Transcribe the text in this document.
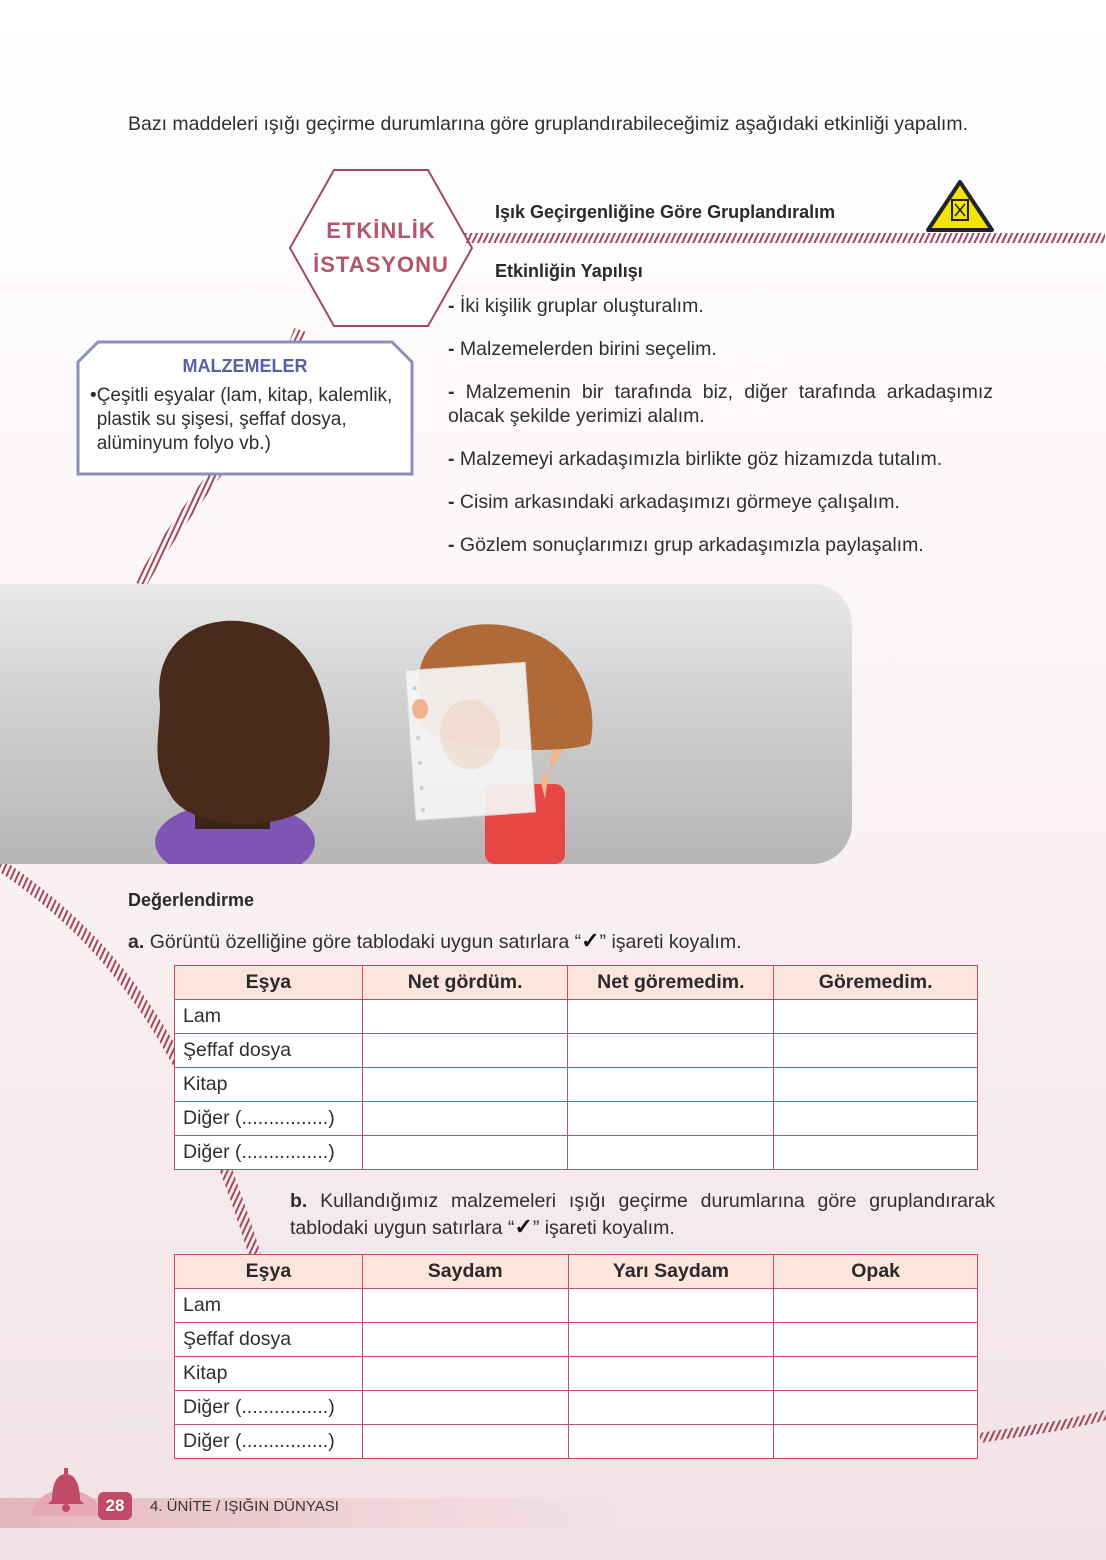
Bazı maddeleri ışığı geçirme durumlarına göre gruplandırabileceğimiz aşağıdaki etkinliği yapalım.
ETKİNLİK
İSTASYONU
Işık Geçirgenliğine Göre Gruplandıralım
Etkinliğin Yapılışı
- İki kişilik gruplar oluşturalım.
- Malzemelerden birini seçelim.
- Malzemenin bir tarafında biz, diğer tarafında arkadaşımız olacak şekilde yerimizi alalım.
- Malzemeyi arkadaşımızla birlikte göz hizamızda tutalım.
- Cisim arkasındaki arkadaşımızı görmeye çalışalım.
- Gözlem sonuçlarımızı grup arkadaşımızla paylaşalım.
MALZEMELER
• Çeşitli eşyalar (lam, kitap, kalemlik, plastik su şişesi, şeffaf dosya, alüminyum folyo vb.)
Değerlendirme
a. Görüntü özelliğine göre tablodaki uygun satırlara “✓” işareti koyalım.
Eşya	Net gördüm.	Net göremedim.	Göremedim.
Lam			
Şeffaf dosya			
Kitap			
Diğer (................)			
Diğer (................)			
b. Kullandığımız malzemeleri ışığı geçirme durumlarına göre gruplandırarak tablodaki uygun satırlara “✓” işareti koyalım.
Eşya	Saydam	Yarı Saydam	Opak
Lam			
Şeffaf dosya			
Kitap			
Diğer (................)			
Diğer (................)			
28	4. ÜNİTE / IŞIĞIN DÜNYASI
